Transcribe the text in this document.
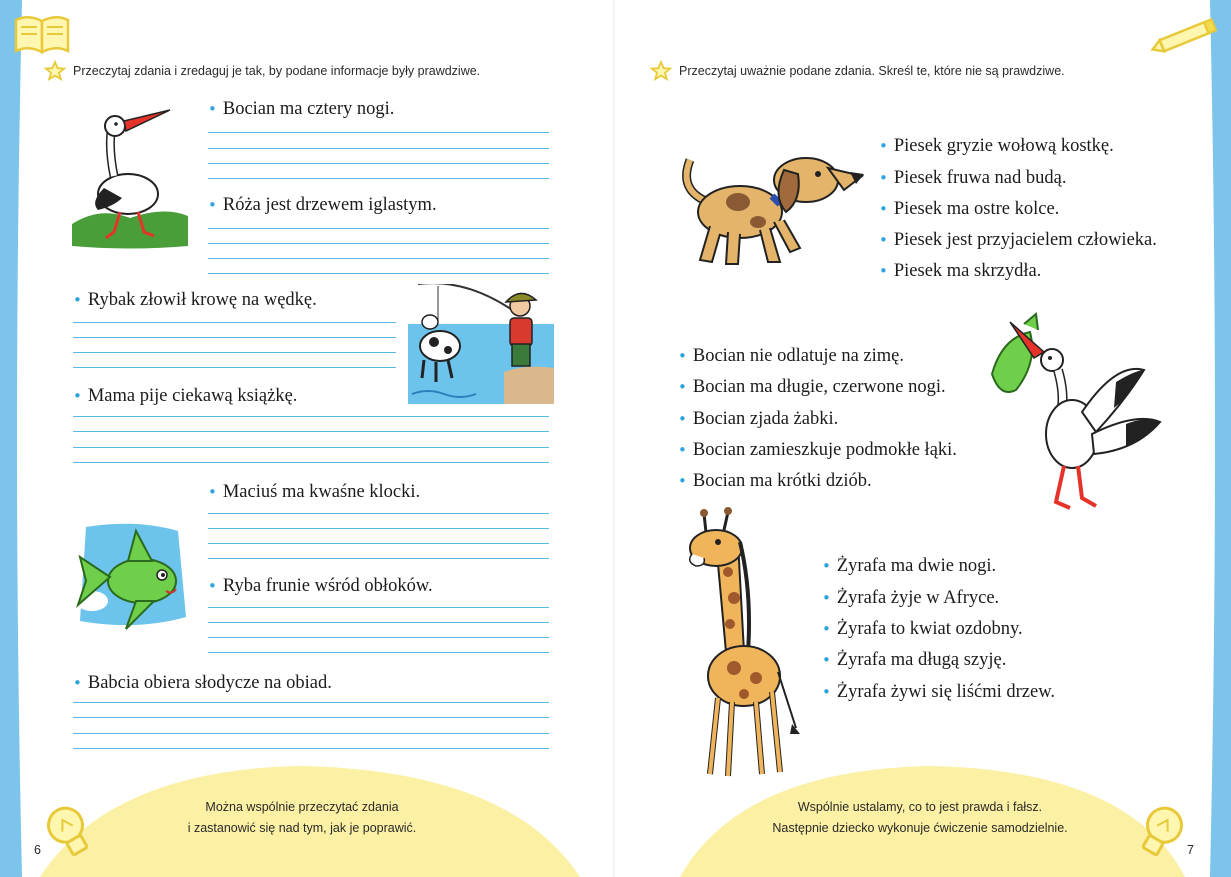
Przeczytaj zdania i zredaguj je tak, by podane informacje były prawdziwe.	Przeczytaj uważnie podane zdania. Skreśl te, które nie są prawdziwe.
• Bocian ma cztery nogi.
• Róża jest drzewem iglastym.
• Rybak złowił krowę na wędkę.
• Mama pije ciekawą książkę.
• Maciuś ma kwaśne klocki.
• Ryba frunie wśród obłoków.
• Babcia obiera słodycze na obiad.
• Piesek gryzie wołową kostkę.
• Piesek fruwa nad budą.
• Piesek ma ostre kolce.
• Piesek jest przyjacielem człowieka.
• Piesek ma skrzydła.
• Bocian nie odlatuje na zimę.
• Bocian ma długie, czerwone nogi.
• Bocian zjada żabki.
• Bocian zamieszkuje podmokłe łąki.
• Bocian ma krótki dziób.
• Żyrafa ma dwie nogi.
• Żyrafa żyje w Afryce.
• Żyrafa to kwiat ozdobny.
• Żyrafa ma długą szyję.
• Żyrafa żywi się liśćmi drzew.
Można wspólnie przeczytać zdania
i zastanowić się nad tym, jak je poprawić.
Wspólnie ustalamy, co to jest prawda i fałsz.
Następnie dziecko wykonuje ćwiczenie samodzielnie.
6	7
